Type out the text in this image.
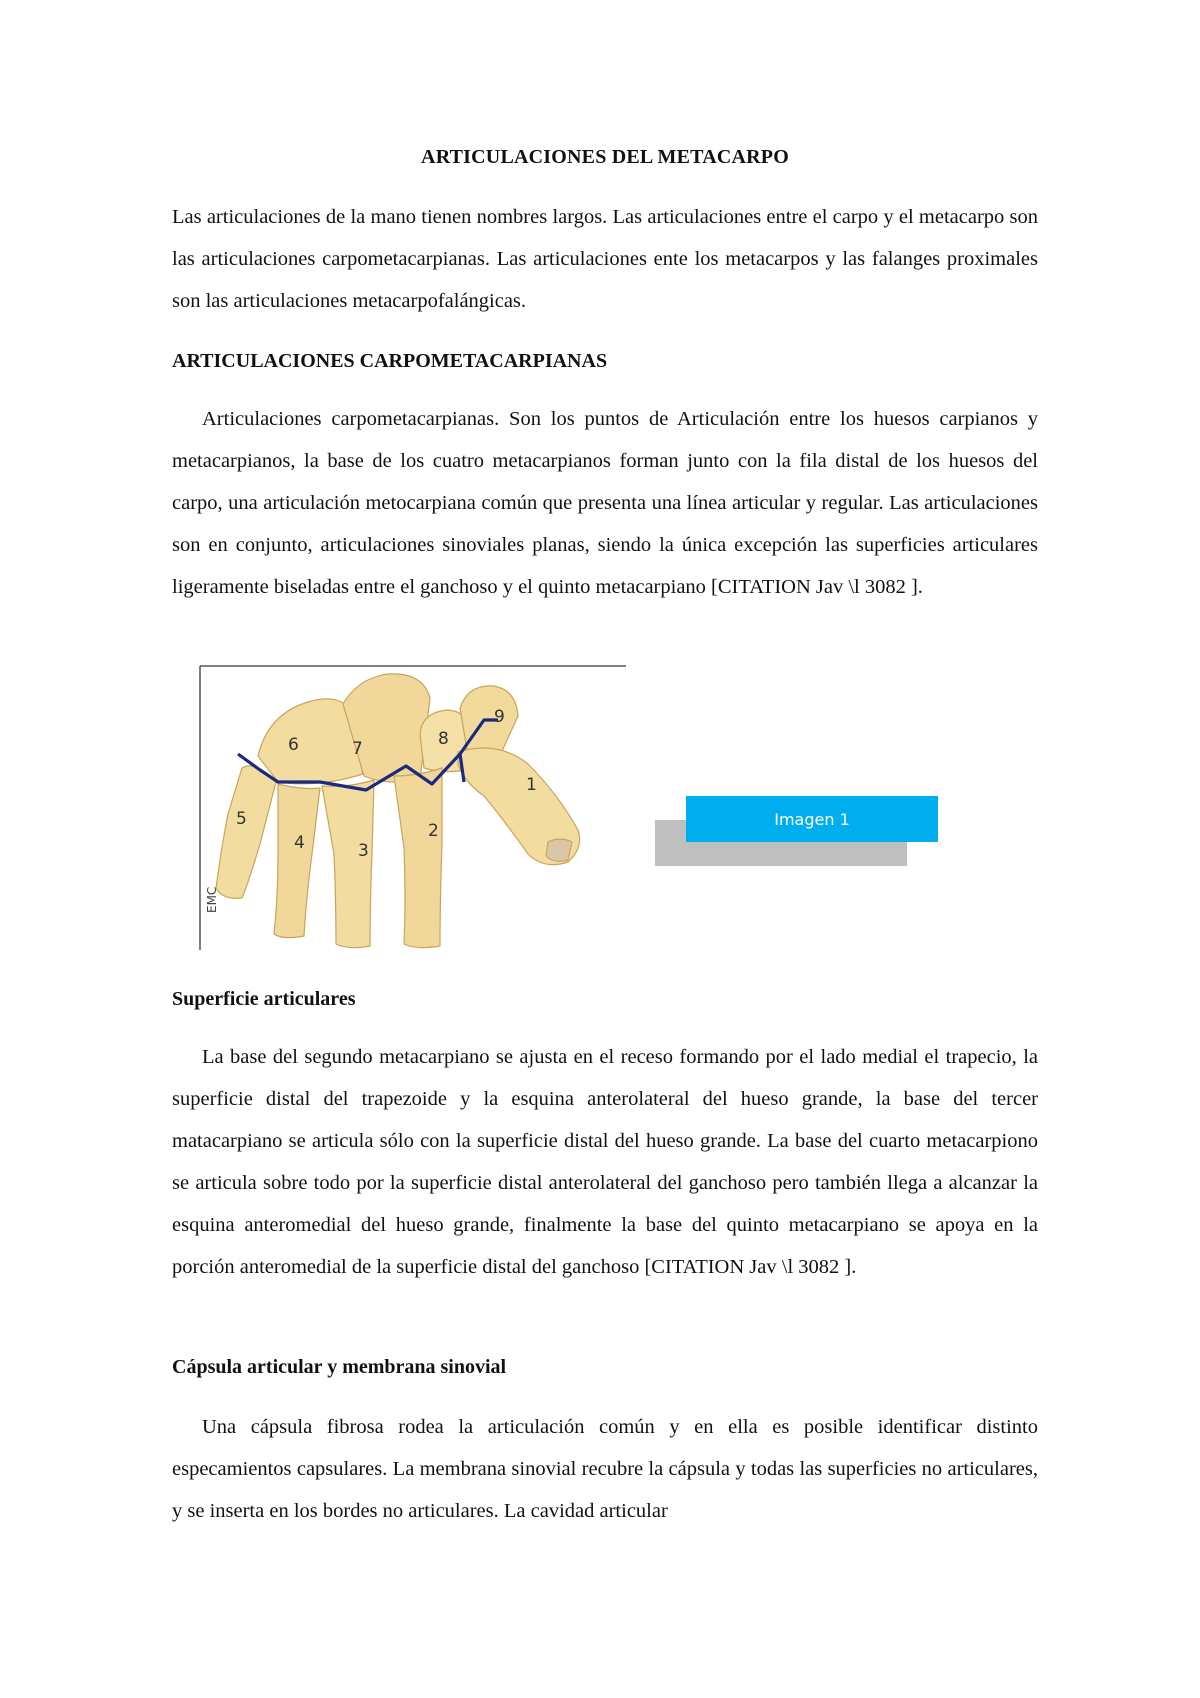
ARTICULACIONES DEL METACARPO

Las articulaciones de la mano tienen nombres largos. Las articulaciones entre el carpo y el metacarpo son las articulaciones carpometacarpianas. Las articulaciones ente los metacarpos y las falanges proximales son las articulaciones metacarpofalángicas.

ARTICULACIONES CARPOMETACARPIANAS

Articulaciones carpometacarpianas. Son los puntos de Articulación entre los huesos carpianos y metacarpianos, la base de los cuatro metacarpianos forman junto con la fila distal de los huesos del carpo, una articulación metocarpiana común que presenta una línea articular y regular. Las articulaciones son en conjunto, articulaciones sinoviales planas, siendo la única excepción las superficies articulares ligeramente biseladas entre el ganchoso y el quinto metacarpiano [CITATION Jav \l 3082 ].

1
2
3
4
5
6	7	8
9
EMC
Imagen 1
Superficie articulares

La base del segundo metacarpiano se ajusta en el receso formando por el lado medial el trapecio, la superficie distal del trapezoide y la esquina anterolateral del hueso grande, la base del tercer matacarpiano se articula sólo con la superficie distal del hueso grande. La base del cuarto metacarpiono se articula sobre todo por la superficie distal anterolateral del ganchoso pero también llega a alcanzar la esquina anteromedial del hueso grande, finalmente la base del quinto metacarpiano se apoya en la porción anteromedial de la superficie distal del ganchoso [CITATION Jav \l 3082 ].

Cápsula articular y membrana sinovial

Una cápsula fibrosa rodea la articulación común y en ella es posible identificar distinto especamientos capsulares. La membrana sinovial recubre la cápsula y todas las superficies no articulares, y se inserta en los bordes no articulares. La cavidad articular
